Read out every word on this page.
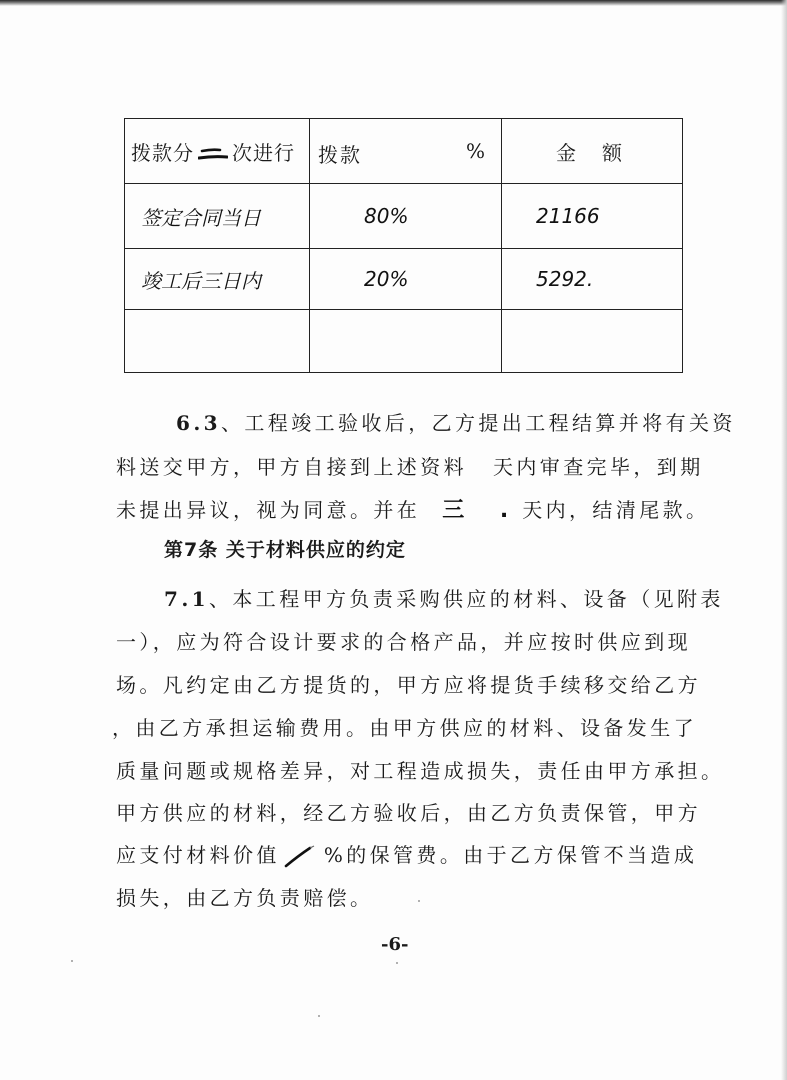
拨款分 次进行	拨款 %	金额
签定合同当日	80%	21166
竣工后三日内	20%	5292.

6.3、工程竣工验收后，乙方提出工程结算并将有关资
料送交甲方，甲方自接到上述资料 天内审查完毕，到期
未提出异议，视为同意。并在 三 .天内，结清尾款。
第7条 关于材料供应的约定
7.1、本工程甲方负责采购供应的材料、设备（见附表
一），应为符合设计要求的合格产品，并应按时供应到现
场。凡约定由乙方提货的，甲方应将提货手续移交给乙方
，由乙方承担运输费用。由甲方供应的材料、设备发生了
质量问题或规格差异，对工程造成损失，责任由甲方承担。
甲方供应的材料，经乙方验收后，由乙方负责保管，甲方
应支付材料价值 %的保管费。由于乙方保管不当造成
损失，由乙方负责赔偿。
-6-
